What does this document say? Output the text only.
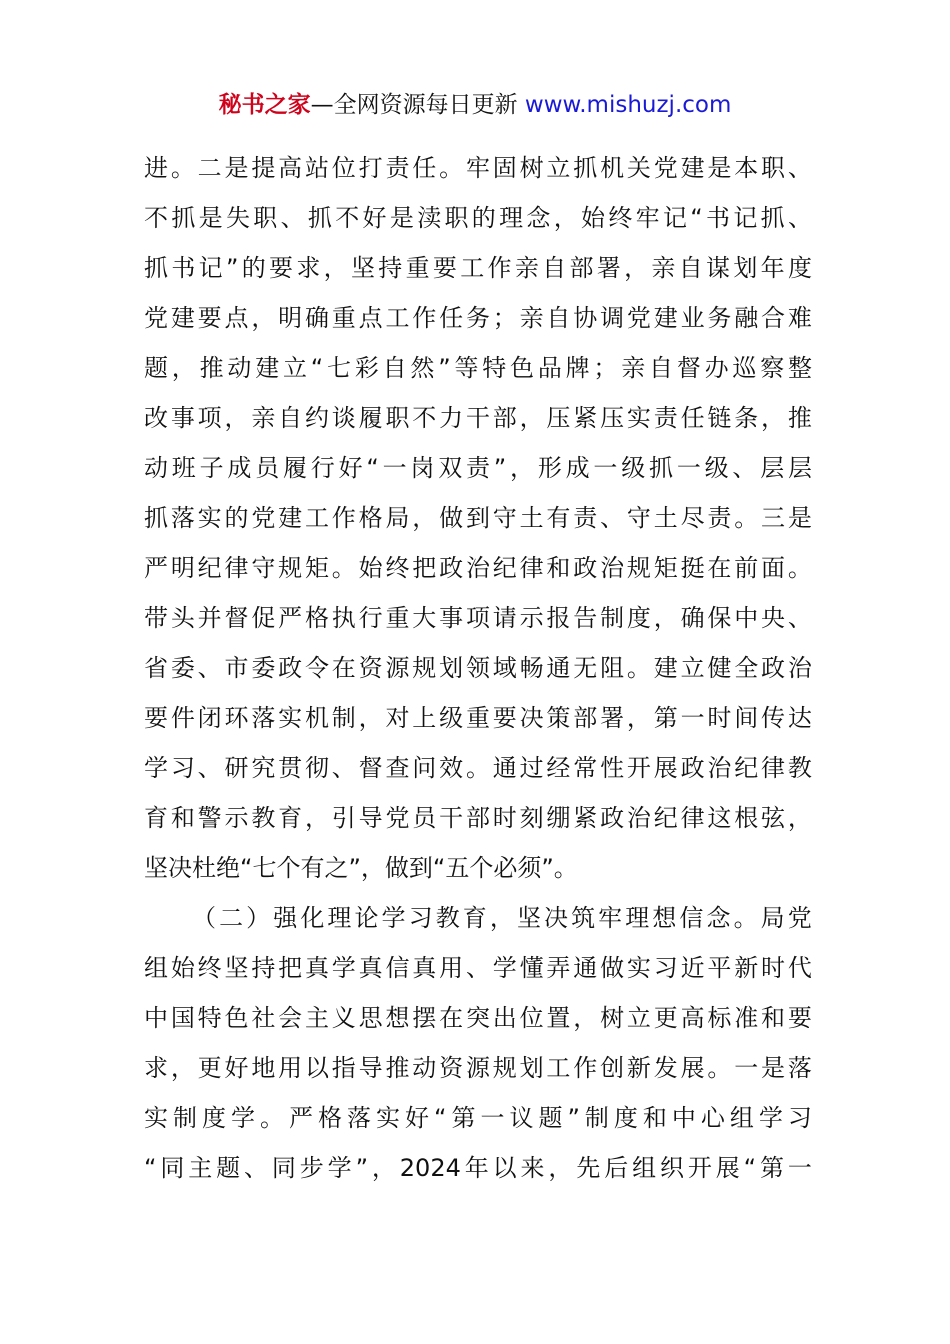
秘书之家—全网资源每日更新 www.mishuzj.com
进 。 二 是 提 高 站 位 打 责 任 。 牢 固 树 立 抓 机 关 党 建 是 本 职 、
不 抓 是 失 职 、 抓 不 好 是 渎 职 的 理 念 ， 始 终 牢 记 “ 书 记 抓 、
抓 书 记 ” 的 要 求 ， 坚 持 重 要 工 作 亲 自 部 署 ， 亲 自 谋 划 年 度
党 建 要 点 ， 明 确 重 点 工 作 任 务 ； 亲 自 协 调 党 建 业 务 融 合 难
题 ， 推 动 建 立 “ 七 彩 自 然 ” 等 特 色 品 牌 ； 亲 自 督 办 巡 察 整
改 事 项 ， 亲 自 约 谈 履 职 不 力 干 部 ， 压 紧 压 实 责 任 链 条 ， 推
动 班 子 成 员 履 行 好 “ 一 岗 双 责 ” ， 形 成 一 级 抓 一 级 、 层 层
抓 落 实 的 党 建 工 作 格 局 ， 做 到 守 土 有 责 、 守 土 尽 责 。 三 是
严 明 纪 律 守 规 矩 。 始 终 把 政 治 纪 律 和 政 治 规 矩 挺 在 前 面 。
带 头 并 督 促 严 格 执 行 重 大 事 项 请 示 报 告 制 度 ， 确 保 中 央 、
省 委 、 市 委 政 令 在 资 源 规 划 领 域 畅 通 无 阻 。 建 立 健 全 政 治
要 件 闭 环 落 实 机 制 ， 对 上 级 重 要 决 策 部 署 ， 第 一 时 间 传 达
学 习 、 研 究 贯 彻 、 督 查 问 效 。 通 过 经 常 性 开 展 政 治 纪 律 教
育 和 警 示 教 育 ， 引 导 党 员 干 部 时 刻 绷 紧 政 治 纪 律 这 根 弦 ，
坚 决 杜 绝 “ 七 个 有 之 ” ， 做 到 “ 五 个 必 须 ” 。
（ 二 ） 强 化 理 论 学 习 教 育 ， 坚 决 筑 牢 理 想 信 念 。 局 党
组 始 终 坚 持 把 真 学 真 信 真 用 、 学 懂 弄 通 做 实 习 近 平 新 时 代
中 国 特 色 社 会 主 义 思 想 摆 在 突 出 位 置 ， 树 立 更 高 标 准 和 要
求 ， 更 好 地 用 以 指 导 推 动 资 源 规 划 工 作 创 新 发 展 。 一 是 落
实 制 度 学 。 严 格 落 实 好 “ 第 一 议 题 ” 制 度 和 中 心 组 学 习
“ 同 主 题 、 同 步 学 ” ， 2024 年 以 来 ， 先 后 组 织 开 展 “ 第 一
